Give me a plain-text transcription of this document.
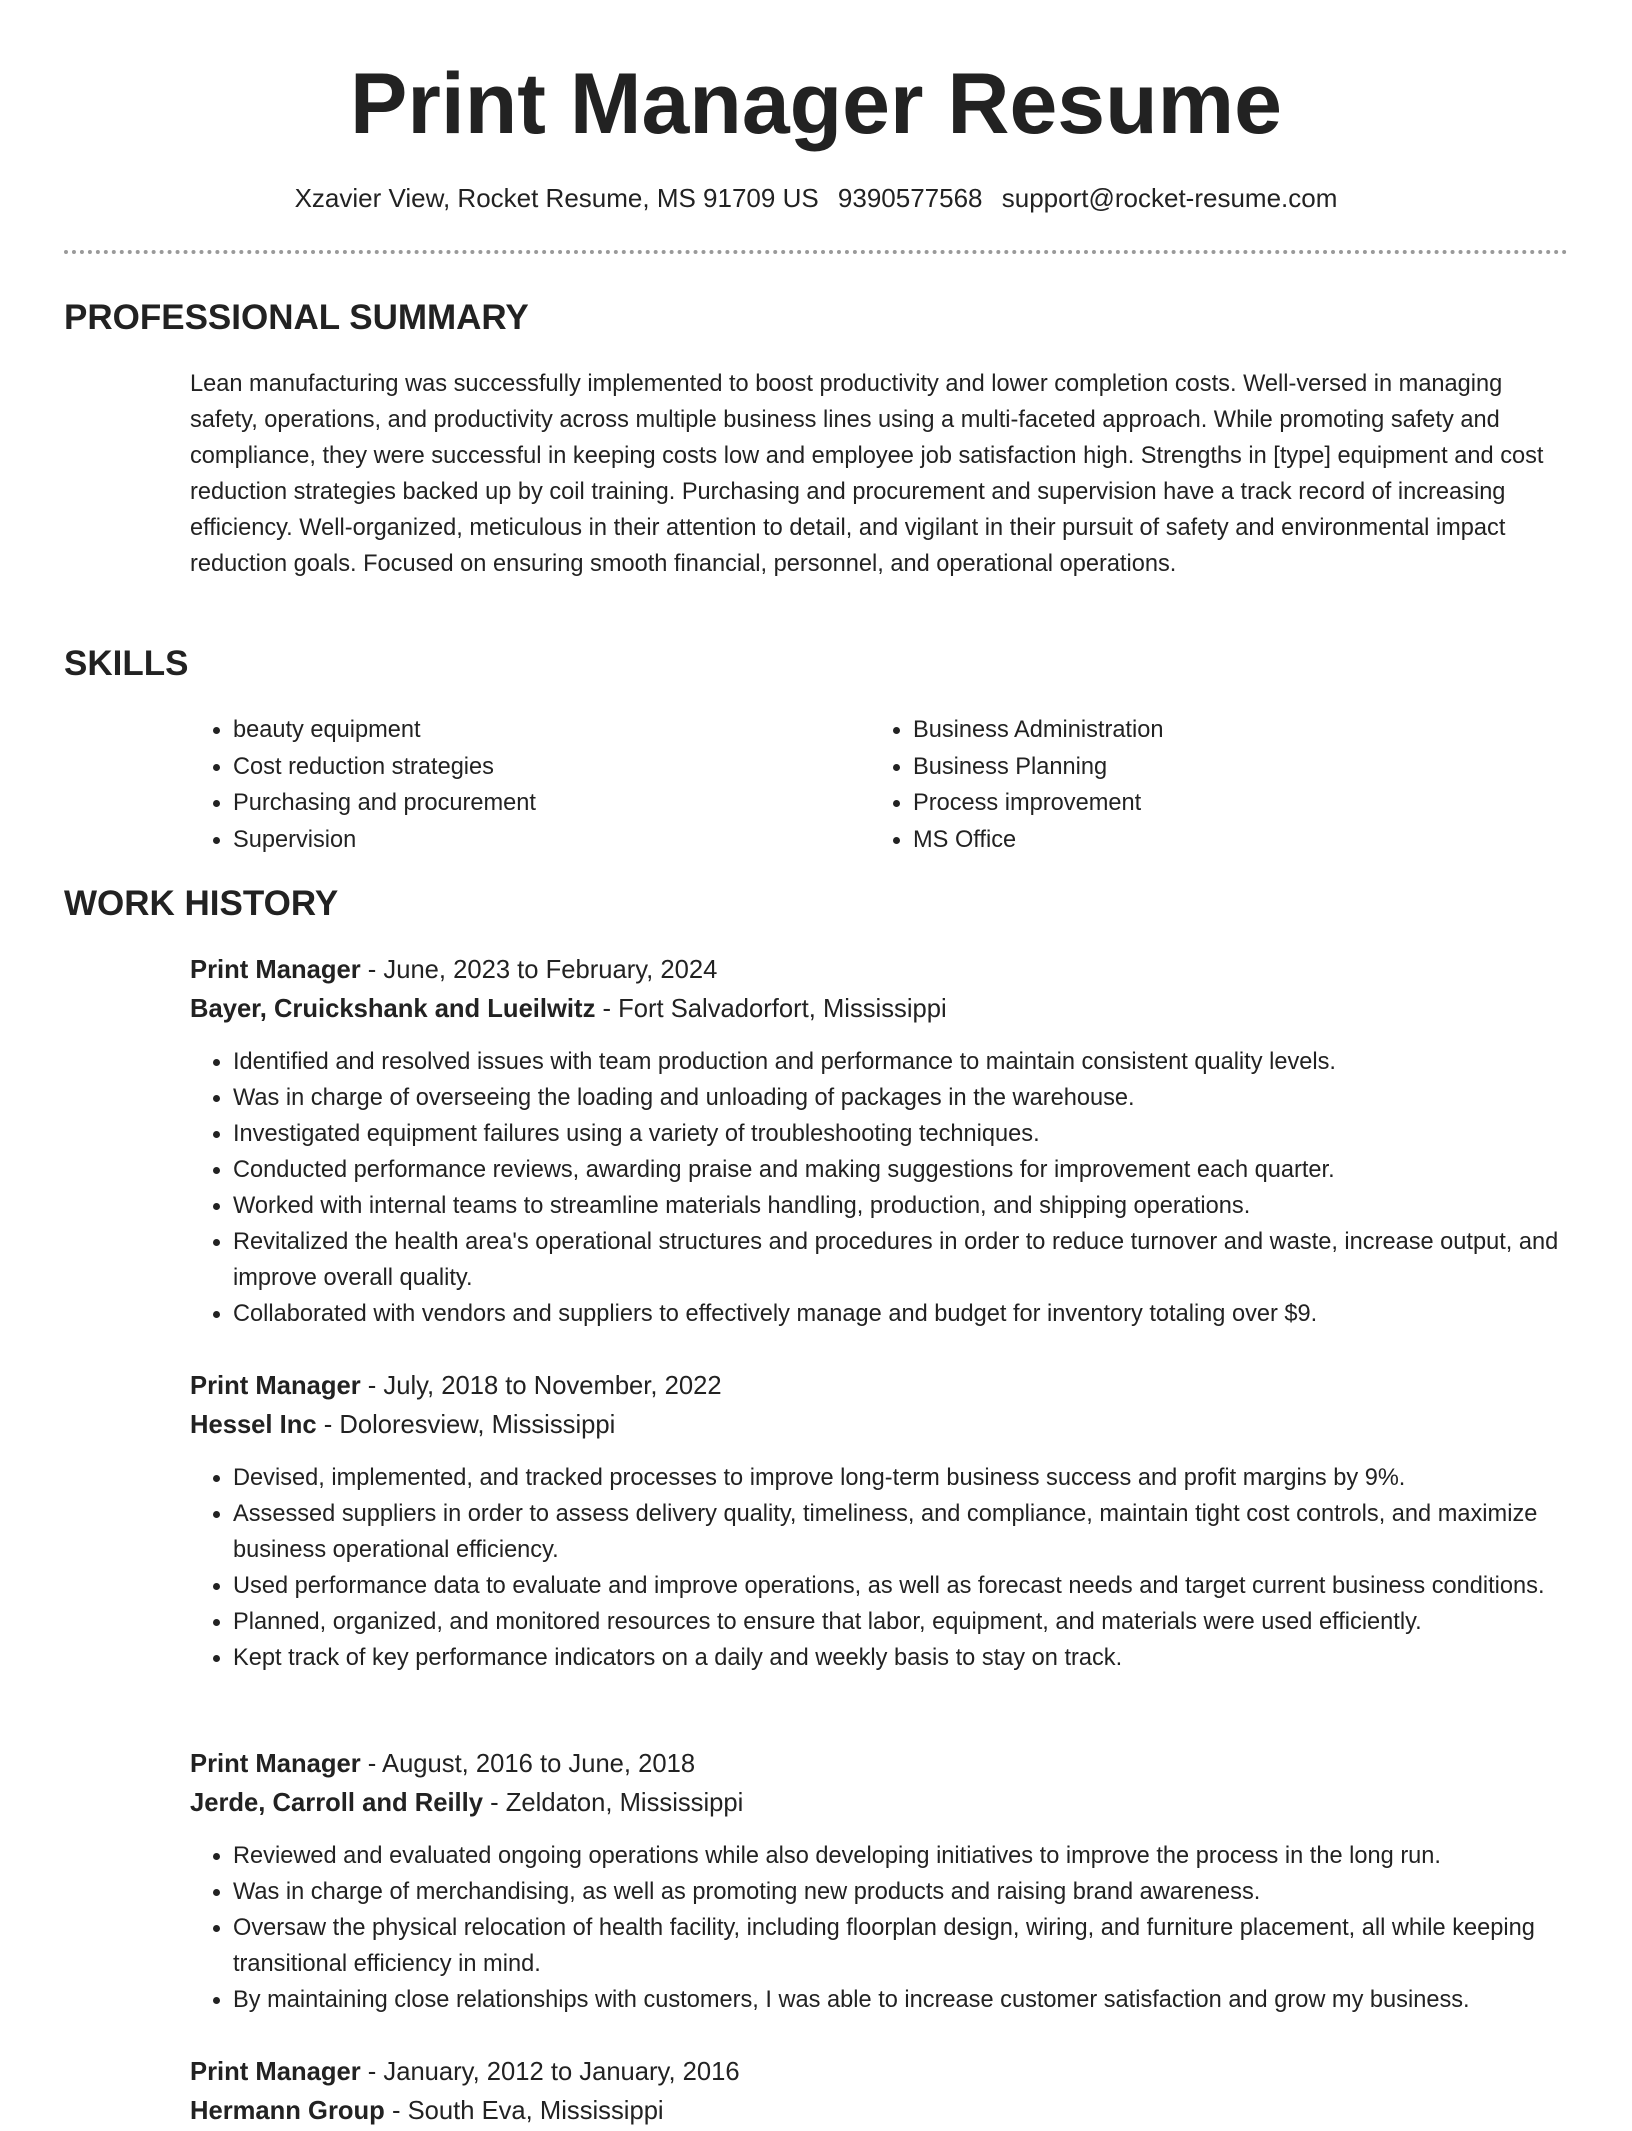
Print Manager Resume
Xzavier View, Rocket Resume, MS 91709 US 9390577568 support@rocket-resume.com
PROFESSIONAL SUMMARY

Lean manufacturing was successfully implemented to boost productivity and lower completion costs. Well-versed in managing safety, operations, and productivity across multiple business lines using a multi-faceted approach. While promoting safety and compliance, they were successful in keeping costs low and employee job satisfaction high. Strengths in [type] equipment and cost reduction strategies backed up by coil training. Purchasing and procurement and supervision have a track record of increasing efficiency. Well-organized, meticulous in their attention to detail, and vigilant in their pursuit of safety and environmental impact reduction goals. Focused on ensuring smooth financial, personnel, and operational operations.

SKILLS
• beauty equipment
• Cost reduction strategies
• Purchasing and procurement
• Supervision
• Business Administration
• Business Planning
• Process improvement
• MS Office
WORK HISTORY
Print Manager - June, 2023 to February, 2024
Bayer, Cruickshank and Lueilwitz - Fort Salvadorfort, Mississippi
• Identified and resolved issues with team production and performance to maintain consistent quality levels.
• Was in charge of overseeing the loading and unloading of packages in the warehouse.
• Investigated equipment failures using a variety of troubleshooting techniques.
• Conducted performance reviews, awarding praise and making suggestions for improvement each quarter.
• Worked with internal teams to streamline materials handling, production, and shipping operations.
• Revitalized the health area's operational structures and procedures in order to reduce turnover and waste, increase output, and improve overall quality.
• Collaborated with vendors and suppliers to effectively manage and budget for inventory totaling over $9.
Print Manager - July, 2018 to November, 2022
Hessel Inc - Doloresview, Mississippi
• Devised, implemented, and tracked processes to improve long-term business success and profit margins by 9%.
• Assessed suppliers in order to assess delivery quality, timeliness, and compliance, maintain tight cost controls, and maximize business operational efficiency.
• Used performance data to evaluate and improve operations, as well as forecast needs and target current business conditions.
• Planned, organized, and monitored resources to ensure that labor, equipment, and materials were used efficiently.
• Kept track of key performance indicators on a daily and weekly basis to stay on track.
Print Manager - August, 2016 to June, 2018
Jerde, Carroll and Reilly - Zeldaton, Mississippi
• Reviewed and evaluated ongoing operations while also developing initiatives to improve the process in the long run.
• Was in charge of merchandising, as well as promoting new products and raising brand awareness.
• Oversaw the physical relocation of health facility, including floorplan design, wiring, and furniture placement, all while keeping transitional efficiency in mind.
• By maintaining close relationships with customers, I was able to increase customer satisfaction and grow my business.
Print Manager - January, 2012 to January, 2016
Hermann Group - South Eva, Mississippi
